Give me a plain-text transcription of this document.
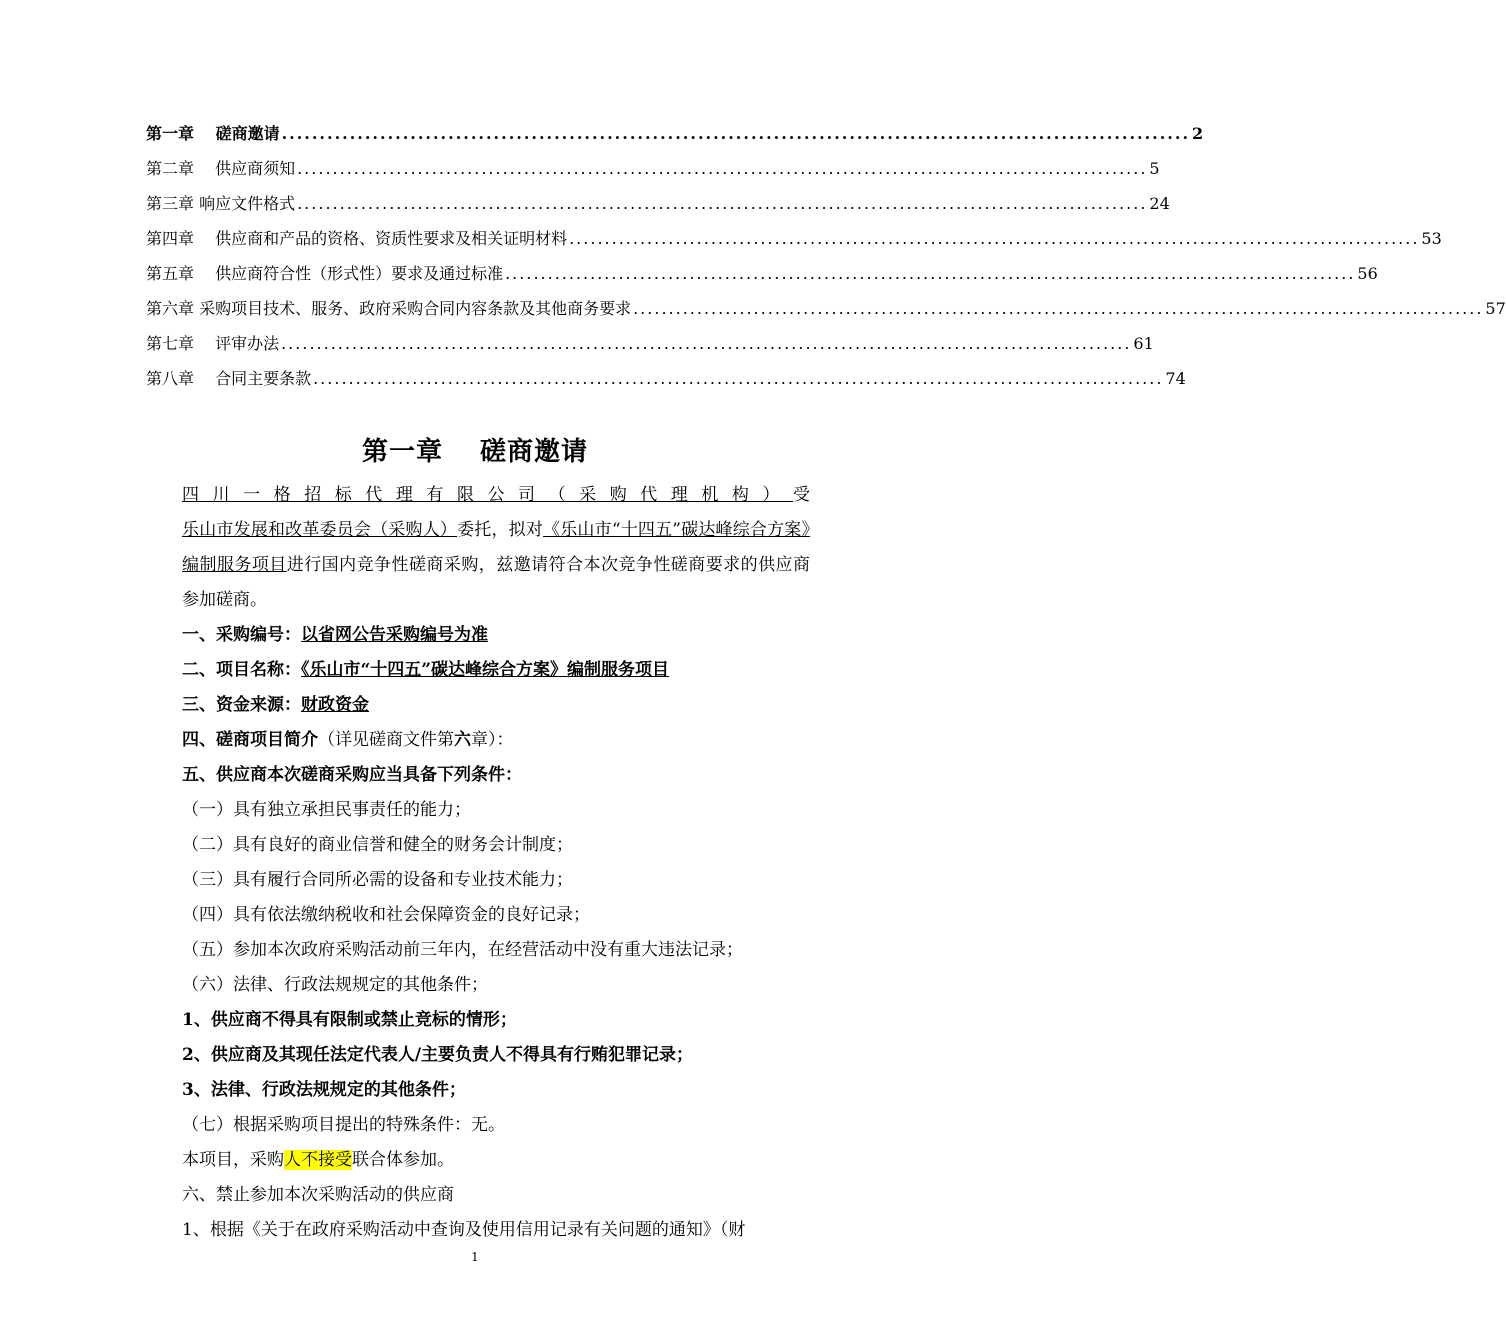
第一章　 磋商邀请 ........................................................................................................................ 2
第二章　 供应商须知 ........................................................................................................................ 5
第三章 响应文件格式 ........................................................................................................................ 24
第四章　 供应商和产品的资格、资质性要求及相关证明材料 ........................................................................................................................ 53
第五章　 供应商符合性（形式性）要求及通过标准 ........................................................................................................................ 56
第六章 采购项目技术、服务、政府采购合同内容条款及其他商务要求 ........................................................................................................................ 57
第七章　 评审办法 ........................................................................................................................ 61
第八章　 合同主要条款 ........................................................................................................................ 74
第一章　 磋商邀请
四川一格招标代理有限公司（采购代理机构）受乐山市发展和改革委员会（采购人）委托，拟对《乐山市“十四五”碳达峰综合方案》编制服务项目进行国内竞争性磋商采购，兹邀请符合本次竞争性磋商要求的供应商参加磋商。
一、采购编号：以省网公告采购编号为准
二、项目名称：《乐山市“十四五”碳达峰综合方案》编制服务项目
三、资金来源：财政资金
四、磋商项目简介（详见磋商文件第六章）：
五、供应商本次磋商采购应当具备下列条件：
（一）具有独立承担民事责任的能力；
（二）具有良好的商业信誉和健全的财务会计制度；
（三）具有履行合同所必需的设备和专业技术能力；
（四）具有依法缴纳税收和社会保障资金的良好记录；
（五）参加本次政府采购活动前三年内，在经营活动中没有重大违法记录；
（六）法律、行政法规规定的其他条件；
1、供应商不得具有限制或禁止竞标的情形；
2、供应商及其现任法定代表人/主要负责人不得具有行贿犯罪记录；
3、法律、行政法规规定的其他条件；
（七）根据采购项目提出的特殊条件：无。
本项目，采购人不接受联合体参加。
六、禁止参加本次采购活动的供应商
1、根据《关于在政府采购活动中查询及使用信用记录有关问题的通知》（财
1
